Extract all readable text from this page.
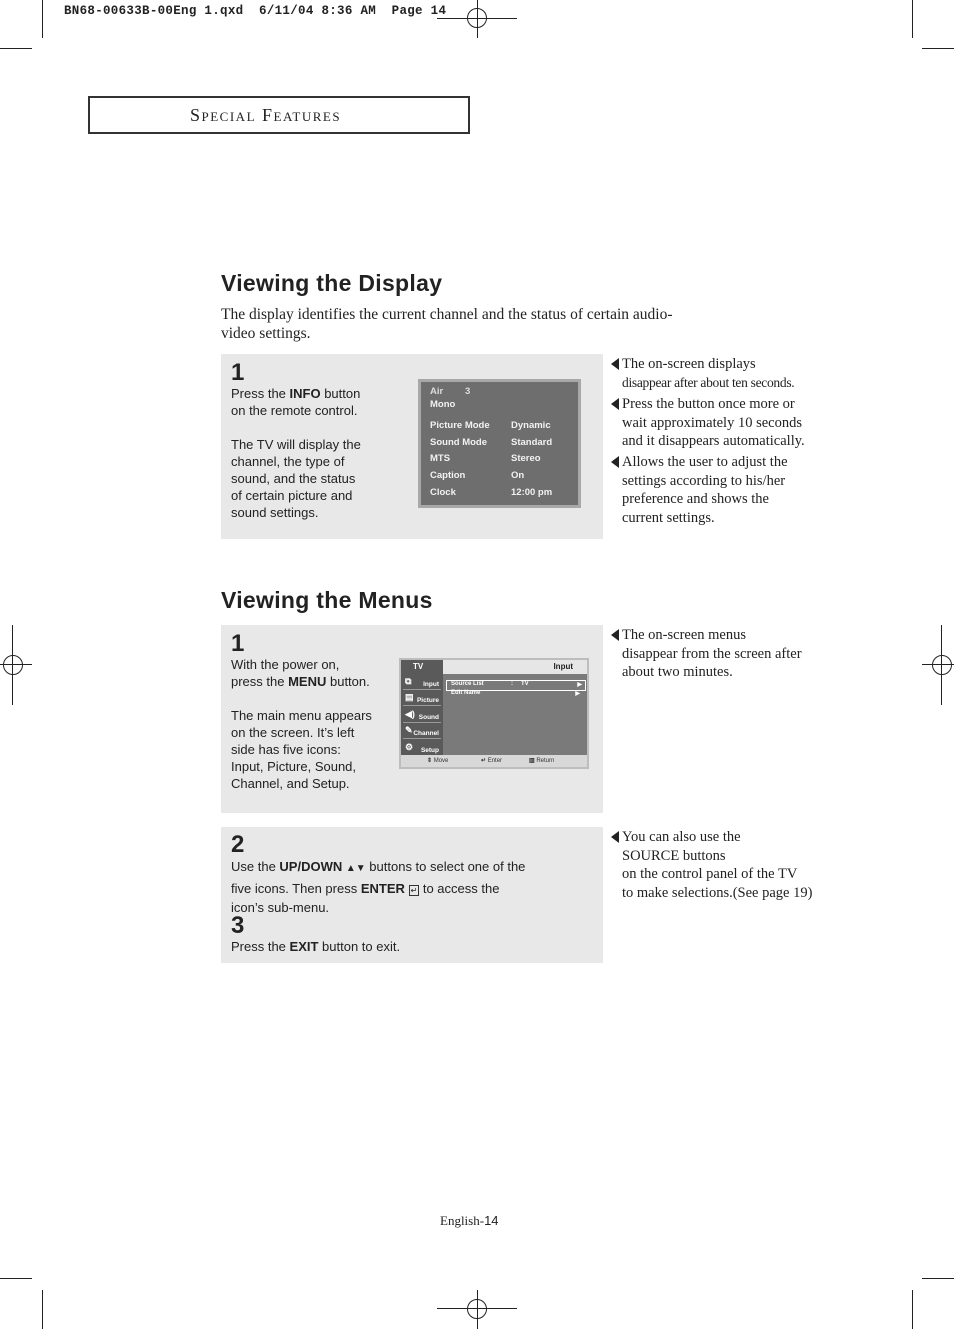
BN68-00633B-00Eng 1.qxd  6/11/04 8:36 AM  Page 14
Special Features
Viewing the Display
The display identifies the current channel and the status of certain audio-video settings.
1
Press the INFO button
on the remote control.
The TV will display the
channel, the type of
sound, and the status
of certain picture and
sound settings.
Air 3
Mono
Picture Mode Dynamic
Sound Mode	Standard
MTS	Stereo
Caption	On
Clock	12:00 pm
The on-screen displays
disappear after about ten seconds.
Press the button once more or
wait approximately 10 seconds
and it disappears automatically.
Allows the user to adjust the
settings according to his/her
preference and shows the
current settings.
Viewing the Menus
1
With the power on,
press the MENU button.
The main menu appears
on the screen. It’s left
side has five icons:
Input, Picture, Sound,
Channel, and Setup.
TV	Input
⧉ Input
▤ Picture
◀) Sound
✎ Channel
⚙ Setup
Source List	: TV	▶
Edit Name	▶
⇕ Move	↵ Enter	▥ Return
The on-screen menus
disappear from the screen after
about two minutes.
2
Use the UP/DOWN ▲▼ buttons to select one of the
five icons. Then press ENTER ↵ to access the
icon’s sub-menu.
3
Press the EXIT button to exit.
You can also use the
SOURCE buttons
on the control panel of the TV
to make selections.(See page 19)
English-14
